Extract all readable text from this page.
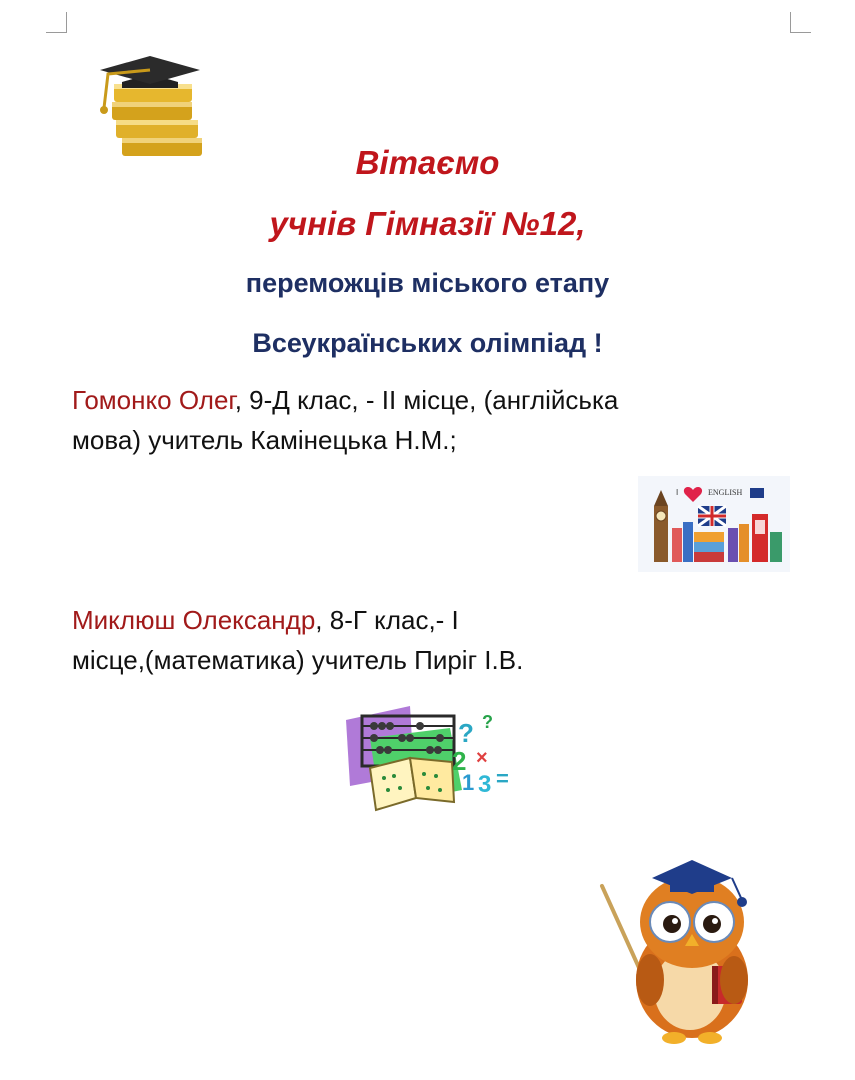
Вітаємо
учнів Гімназії №12,
переможців міського етапу
Всеукраїнських олімпіад !
Гомонко Олег, 9-Д клас, - ІІ місце, (англійська
мова) учитель Камінецька Н.М.;
I	ENGLISH
Миклюш Олександр, 8-Г клас,- І
місце,(математика) учитель Пиріг І.В.
? ?
2 ×
1 3 =
